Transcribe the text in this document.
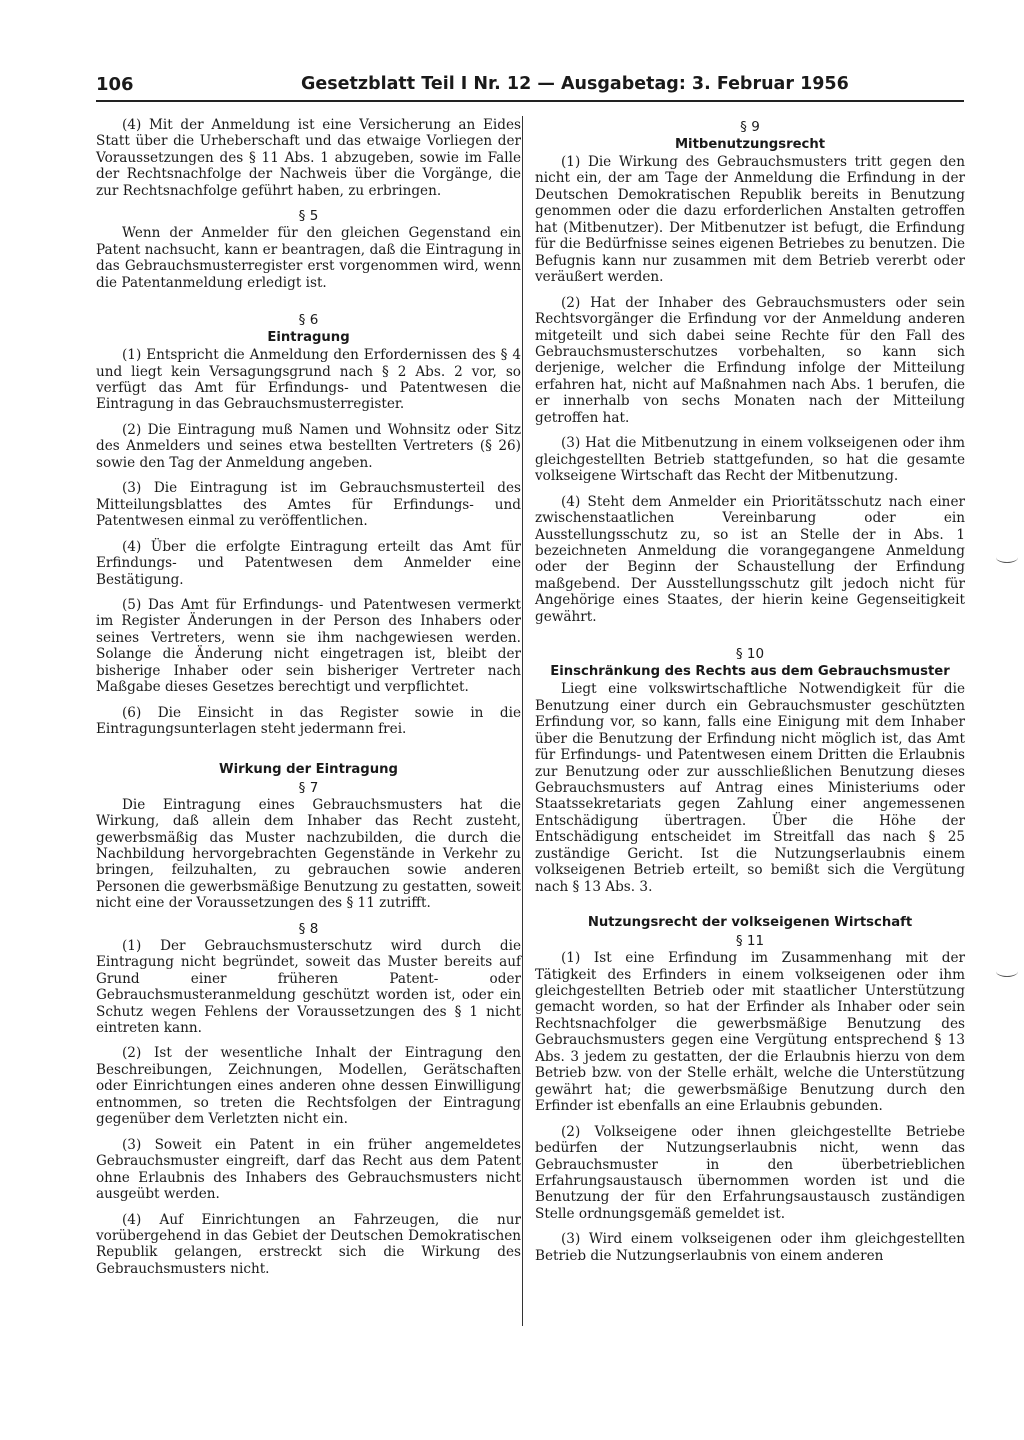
106	Gesetzblatt Teil I Nr. 12 — Ausgabetag: 3. Februar 1956

(4) Mit der Anmeldung ist eine Versicherung an Eides Statt über die Urheberschaft und das etwaige Vorliegen der Voraussetzungen des § 11 Abs. 1 abzugeben, sowie im Falle der Rechtsnachfolge der Nachweis über die Vorgänge, die zur Rechtsnachfolge geführt haben, zu erbringen.

§ 5

Wenn der Anmelder für den gleichen Gegenstand ein Patent nachsucht, kann er beantragen, daß die Eintragung in das Gebrauchsmusterregister erst vorgenommen wird, wenn die Patentanmeldung erledigt ist.

§ 6
Eintragung

(1) Entspricht die Anmeldung den Erfordernissen des § 4 und liegt kein Versagungsgrund nach § 2 Abs. 2 vor, so verfügt das Amt für Erfindungs- und Patentwesen die Eintragung in das Gebrauchsmusterregister.

(2) Die Eintragung muß Namen und Wohnsitz oder Sitz des Anmelders und seines etwa bestellten Vertreters (§ 26) sowie den Tag der Anmeldung angeben.

(3) Die Eintragung ist im Gebrauchsmusterteil des Mitteilungsblattes des Amtes für Erfindungs- und Patentwesen einmal zu veröffentlichen.

(4) Über die erfolgte Eintragung erteilt das Amt für Erfindungs- und Patentwesen dem Anmelder eine Bestätigung.

(5) Das Amt für Erfindungs- und Patentwesen vermerkt im Register Änderungen in der Person des Inhabers oder seines Vertreters, wenn sie ihm nachgewiesen werden. Solange die Änderung nicht eingetragen ist, bleibt der bisherige Inhaber oder sein bisheriger Vertreter nach Maßgabe dieses Gesetzes berechtigt und verpflichtet.

(6) Die Einsicht in das Register sowie in die Eintragungsunterlagen steht jedermann frei.

Wirkung der Eintragung
§ 7

Die Eintragung eines Gebrauchsmusters hat die Wirkung, daß allein dem Inhaber das Recht zusteht, gewerbsmäßig das Muster nachzubilden, die durch die Nachbildung hervorgebrachten Gegenstände in Verkehr zu bringen, feilzuhalten, zu gebrauchen sowie anderen Personen die gewerbsmäßige Benutzung zu gestatten, soweit nicht eine der Voraussetzungen des § 11 zutrifft.

§ 8

(1) Der Gebrauchsmusterschutz wird durch die Eintragung nicht begründet, soweit das Muster bereits auf Grund einer früheren Patent- oder Gebrauchsmusteranmeldung geschützt worden ist, oder ein Schutz wegen Fehlens der Voraussetzungen des § 1 nicht eintreten kann.

(2) Ist der wesentliche Inhalt der Eintragung den Beschreibungen, Zeichnungen, Modellen, Gerätschaften oder Einrichtungen eines anderen ohne dessen Einwilligung entnommen, so treten die Rechtsfolgen der Eintragung gegenüber dem Verletzten nicht ein.

(3) Soweit ein Patent in ein früher angemeldetes Gebrauchsmuster eingreift, darf das Recht aus dem Patent ohne Erlaubnis des Inhabers des Gebrauchsmusters nicht ausgeübt werden.

(4) Auf Einrichtungen an Fahrzeugen, die nur vorübergehend in das Gebiet der Deutschen Demokratischen Republik gelangen, erstreckt sich die Wirkung des Gebrauchsmusters nicht.

§ 9
Mitbenutzungsrecht

(1) Die Wirkung des Gebrauchsmusters tritt gegen den nicht ein, der am Tage der Anmeldung die Erfindung in der Deutschen Demokratischen Republik bereits in Benutzung genommen oder die dazu erforderlichen Anstalten getroffen hat (Mitbenutzer). Der Mitbenutzer ist befugt, die Erfindung für die Bedürfnisse seines eigenen Betriebes zu benutzen. Die Befugnis kann nur zusammen mit dem Betrieb vererbt oder veräußert werden.

(2) Hat der Inhaber des Gebrauchsmusters oder sein Rechtsvorgänger die Erfindung vor der Anmeldung anderen mitgeteilt und sich dabei seine Rechte für den Fall des Gebrauchsmusterschutzes vorbehalten, so kann sich derjenige, welcher die Erfindung infolge der Mitteilung erfahren hat, nicht auf Maßnahmen nach Abs. 1 berufen, die er innerhalb von sechs Monaten nach der Mitteilung getroffen hat.

(3) Hat die Mitbenutzung in einem volkseigenen oder ihm gleichgestellten Betrieb stattgefunden, so hat die gesamte volkseigene Wirtschaft das Recht der Mitbenutzung.

(4) Steht dem Anmelder ein Prioritätsschutz nach einer zwischenstaatlichen Vereinbarung oder ein Ausstellungsschutz zu, so ist an Stelle der in Abs. 1 bezeichneten Anmeldung die vorangegangene Anmeldung oder der Beginn der Schaustellung der Erfindung maßgebend. Der Ausstellungsschutz gilt jedoch nicht für Angehörige eines Staates, der hierin keine Gegenseitigkeit gewährt.

§ 10
Einschränkung des Rechts aus dem Gebrauchsmuster

Liegt eine volkswirtschaftliche Notwendigkeit für die Benutzung einer durch ein Gebrauchsmuster geschützten Erfindung vor, so kann, falls eine Einigung mit dem Inhaber über die Benutzung der Erfindung nicht möglich ist, das Amt für Erfindungs- und Patentwesen einem Dritten die Erlaubnis zur Benutzung oder zur ausschließlichen Benutzung dieses Gebrauchsmusters auf Antrag eines Ministeriums oder Staatssekretariats gegen Zahlung einer angemessenen Entschädigung übertragen. Über die Höhe der Entschädigung entscheidet im Streitfall das nach § 25 zuständige Gericht. Ist die Nutzungserlaubnis einem volkseigenen Betrieb erteilt, so bemißt sich die Vergütung nach § 13 Abs. 3.

Nutzungsrecht der volkseigenen Wirtschaft
§ 11

(1) Ist eine Erfindung im Zusammenhang mit der Tätigkeit des Erfinders in einem volkseigenen oder ihm gleichgestellten Betrieb oder mit staatlicher Unterstützung gemacht worden, so hat der Erfinder als Inhaber oder sein Rechtsnachfolger die gewerbsmäßige Benutzung des Gebrauchsmusters gegen eine Vergütung entsprechend § 13 Abs. 3 jedem zu gestatten, der die Erlaubnis hierzu von dem Betrieb bzw. von der Stelle erhält, welche die Unterstützung gewährt hat; die gewerbsmäßige Benutzung durch den Erfinder ist ebenfalls an eine Erlaubnis gebunden.

(2) Volkseigene oder ihnen gleichgestellte Betriebe bedürfen der Nutzungserlaubnis nicht, wenn das Gebrauchsmuster in den überbetrieblichen Erfahrungsaustausch übernommen worden ist und die Benutzung der für den Erfahrungsaustausch zuständigen Stelle ordnungsgemäß gemeldet ist.

(3) Wird einem volkseigenen oder ihm gleichgestellten Betrieb die Nutzungserlaubnis von einem anderen
